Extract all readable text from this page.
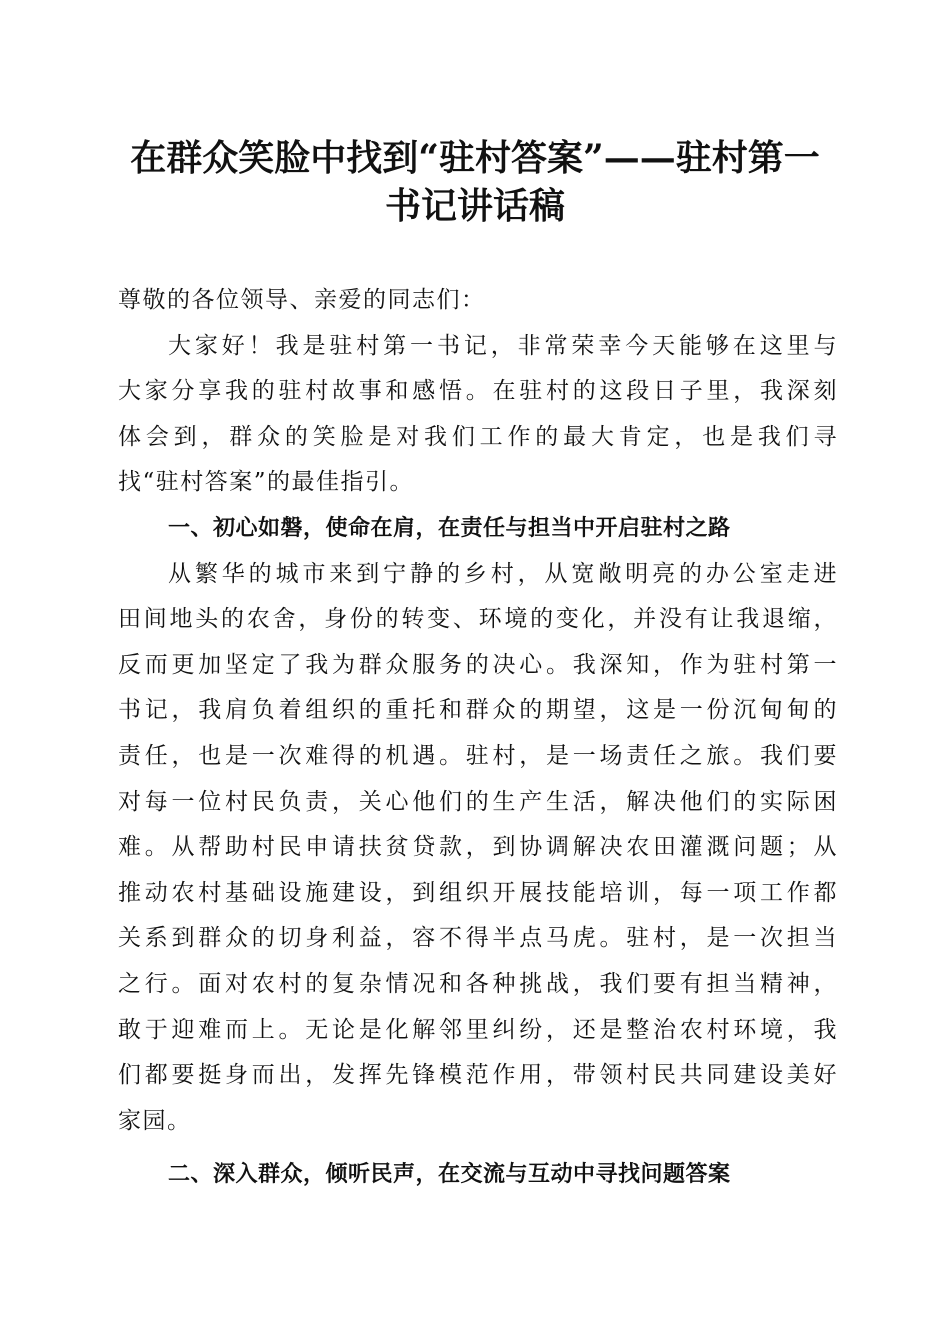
在群众笑脸中找到“驻村答案”——驻村第一
书记讲话稿
尊敬的各位领导、亲爱的同志们：
大家好！我是驻村第一书记，非常荣幸今天能够在这里与
大家分享我的驻村故事和感悟。在驻村的这段日子里，我深刻
体会到，群众的笑脸是对我们工作的最大肯定，也是我们寻
找“驻村答案”的最佳指引。
一、初心如磐，使命在肩，在责任与担当中开启驻村之路
从繁华的城市来到宁静的乡村，从宽敞明亮的办公室走进
田间地头的农舍，身份的转变、环境的变化，并没有让我退缩，
反而更加坚定了我为群众服务的决心。我深知，作为驻村第一
书记，我肩负着组织的重托和群众的期望，这是一份沉甸甸的
责任，也是一次难得的机遇。驻村，是一场责任之旅。我们要
对每一位村民负责，关心他们的生产生活，解决他们的实际困
难。从帮助村民申请扶贫贷款，到协调解决农田灌溉问题；从
推动农村基础设施建设，到组织开展技能培训，每一项工作都
关系到群众的切身利益，容不得半点马虎。驻村，是一次担当
之行。面对农村的复杂情况和各种挑战，我们要有担当精神，
敢于迎难而上。无论是化解邻里纠纷，还是整治农村环境，我
们都要挺身而出，发挥先锋模范作用，带领村民共同建设美好
家园。
二、深入群众，倾听民声，在交流与互动中寻找问题答案
